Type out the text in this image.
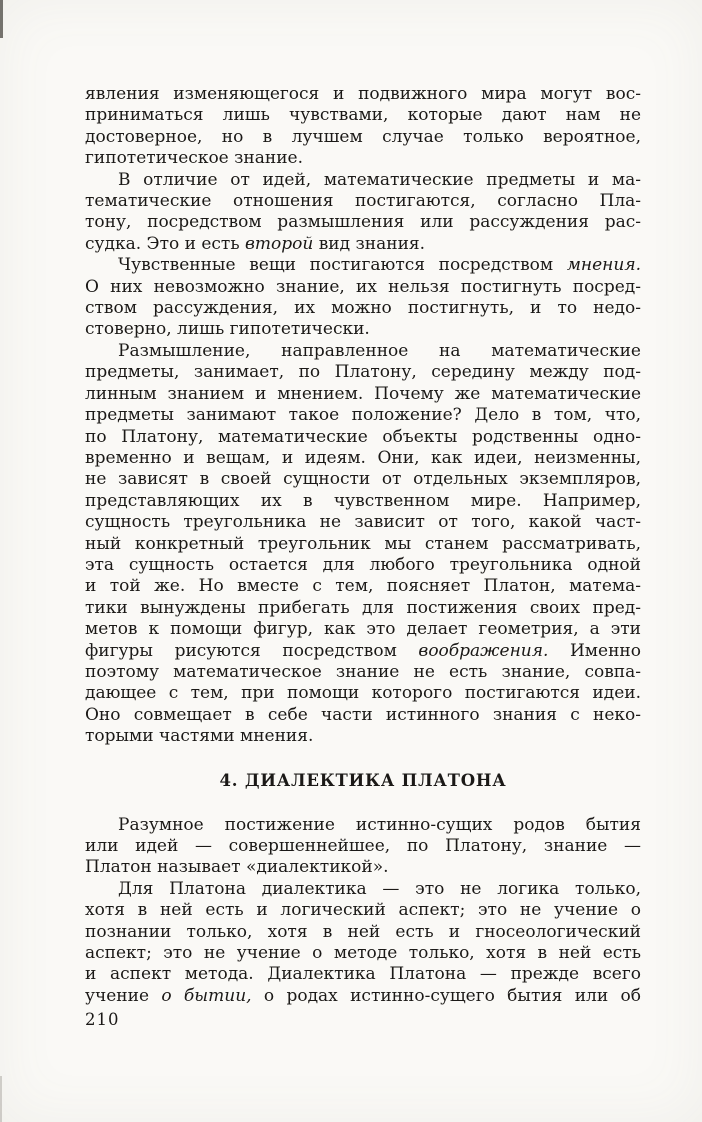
явления изменяющегося и подвижного мира могут вос-
приниматься лишь чувствами, которые дают нам не
достоверное, но в лучшем случае только вероятное,
гипотетическое знание.
В отличие от идей, математические предметы и ма-
тематические отношения постигаются, согласно Пла-
тону, посредством размышления или рассуждения рас-
судка. Это и есть второй вид знания.
Чувственные вещи постигаются посредством мнения.
О них невозможно знание, их нельзя постигнуть посред-
ством рассуждения, их можно постигнуть, и то недо-
стоверно, лишь гипотетически.
Размышление, направленное на математические
предметы, занимает, по Платону, середину между под-
линным знанием и мнением. Почему же математические
предметы занимают такое положение? Дело в том, что,
по Платону, математические объекты родственны одно-
временно и вещам, и идеям. Они, как идеи, неизменны,
не зависят в своей сущности от отдельных экземпляров,
представляющих их в чувственном мире. Например,
сущность треугольника не зависит от того, какой част-
ный конкретный треугольник мы станем рассматривать,
эта сущность остается для любого треугольника одной
и той же. Но вместе с тем, поясняет Платон, матема-
тики вынуждены прибегать для постижения своих пред-
метов к помощи фигур, как это делает геометрия, а эти
фигуры рисуются посредством воображения. Именно
поэтому математическое знание не есть знание, совпа-
дающее с тем, при помощи которого постигаются идеи.
Оно совмещает в себе части истинного знания с неко-
торыми частями мнения.
4. ДИАЛЕКТИКА ПЛАТОНА
Разумное постижение истинно-сущих родов бытия
или идей — совершеннейшее, по Платону, знание —
Платон называет «диалектикой».
Для Платона диалектика — это не логика только,
хотя в ней есть и логический аспект; это не учение о
познании только, хотя в ней есть и гносеологический
аспект; это не учение о методе только, хотя в ней есть
и аспект метода. Диалектика Платона — прежде всего
учение о бытии, о родах истинно-сущего бытия или об
210
